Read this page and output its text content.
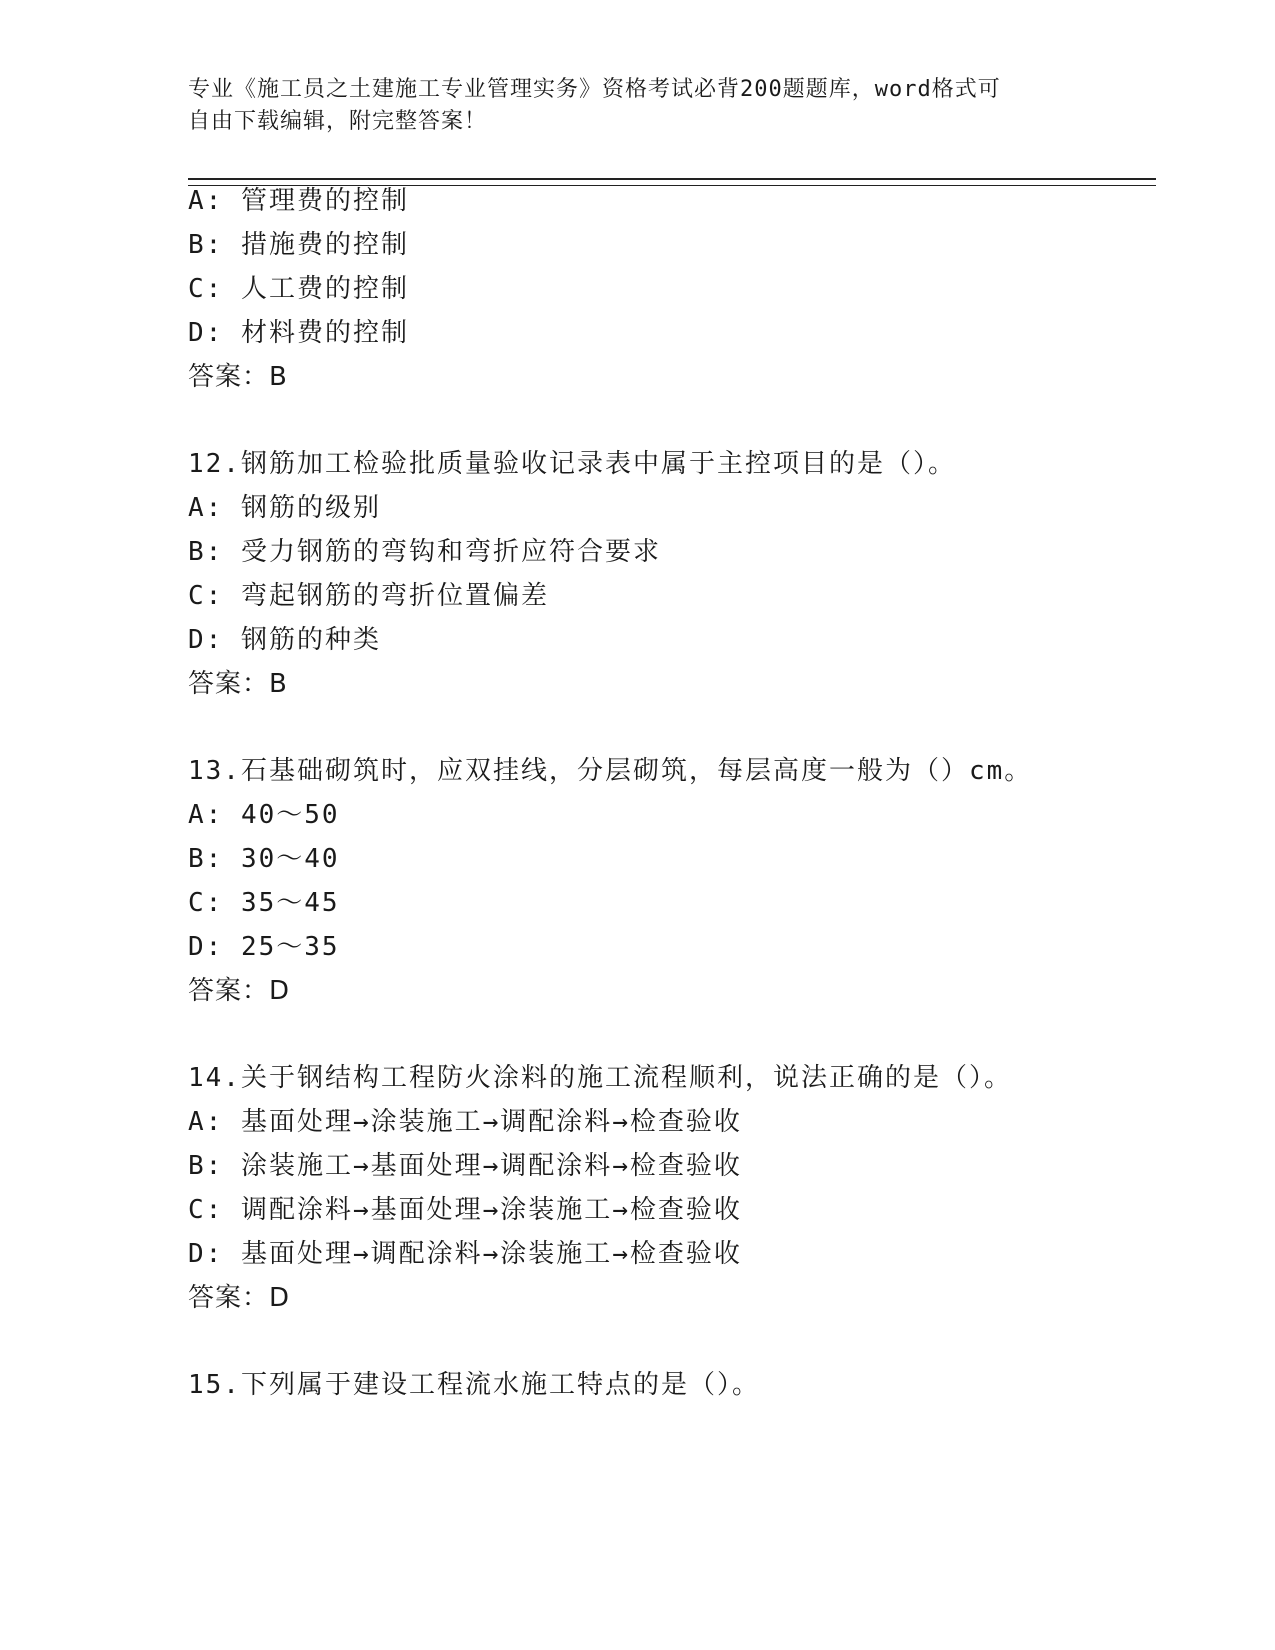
专业《施工员之土建施工专业管理实务》资格考试必背200题题库，word格式可
自由下载编辑，附完整答案！
A: 管理费的控制
B: 措施费的控制
C: 人工费的控制
D: 材料费的控制
答案：B
12.钢筋加工检验批质量验收记录表中属于主控项目的是（）。
A: 钢筋的级别
B: 受力钢筋的弯钩和弯折应符合要求
C: 弯起钢筋的弯折位置偏差
D: 钢筋的种类
答案：B
13.石基础砌筑时，应双挂线，分层砌筑，每层高度一般为（）cm。
A: 40～50
B: 30～40
C: 35～45
D: 25～35
答案：D
14.关于钢结构工程防火涂料的施工流程顺利，说法正确的是（）。
A: 基面处理→涂装施工→调配涂料→检查验收
B: 涂装施工→基面处理→调配涂料→检查验收
C: 调配涂料→基面处理→涂装施工→检查验收
D: 基面处理→调配涂料→涂装施工→检查验收
答案：D
15.下列属于建设工程流水施工特点的是（）。
